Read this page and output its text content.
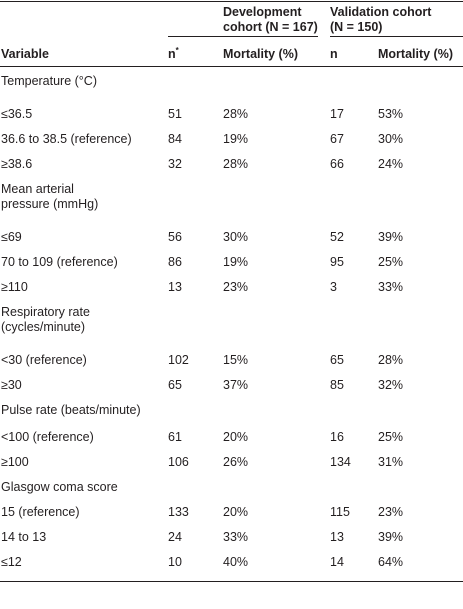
Development
cohort (N = 167)
Validation cohort
(N = 150)
Variable	n*	Mortality (%)	n	Mortality (%)
Temperature (°C)
≤36.5	51	28%	17	53%
36.6 to 38.5 (reference)	84	19%	67	30%
≥38.6	32	28%	66	24%
Mean arterial
pressure (mmHg)
≤69	56	30%	52	39%
70 to 109 (reference)	86	19%	95	25%
≥110	13	23%	3	33%
Respiratory rate
(cycles/minute)
<30 (reference)	102	15%	65	28%
≥30	65	37%	85	32%
Pulse rate (beats/minute)
<100 (reference)	61	20%	16	25%
≥100	106	26%	134 31%
Glasgow coma score
15 (reference)	133	20%	115 23%
14 to 13	24	33%	13	39%
≤12	10	40%	14	64%
